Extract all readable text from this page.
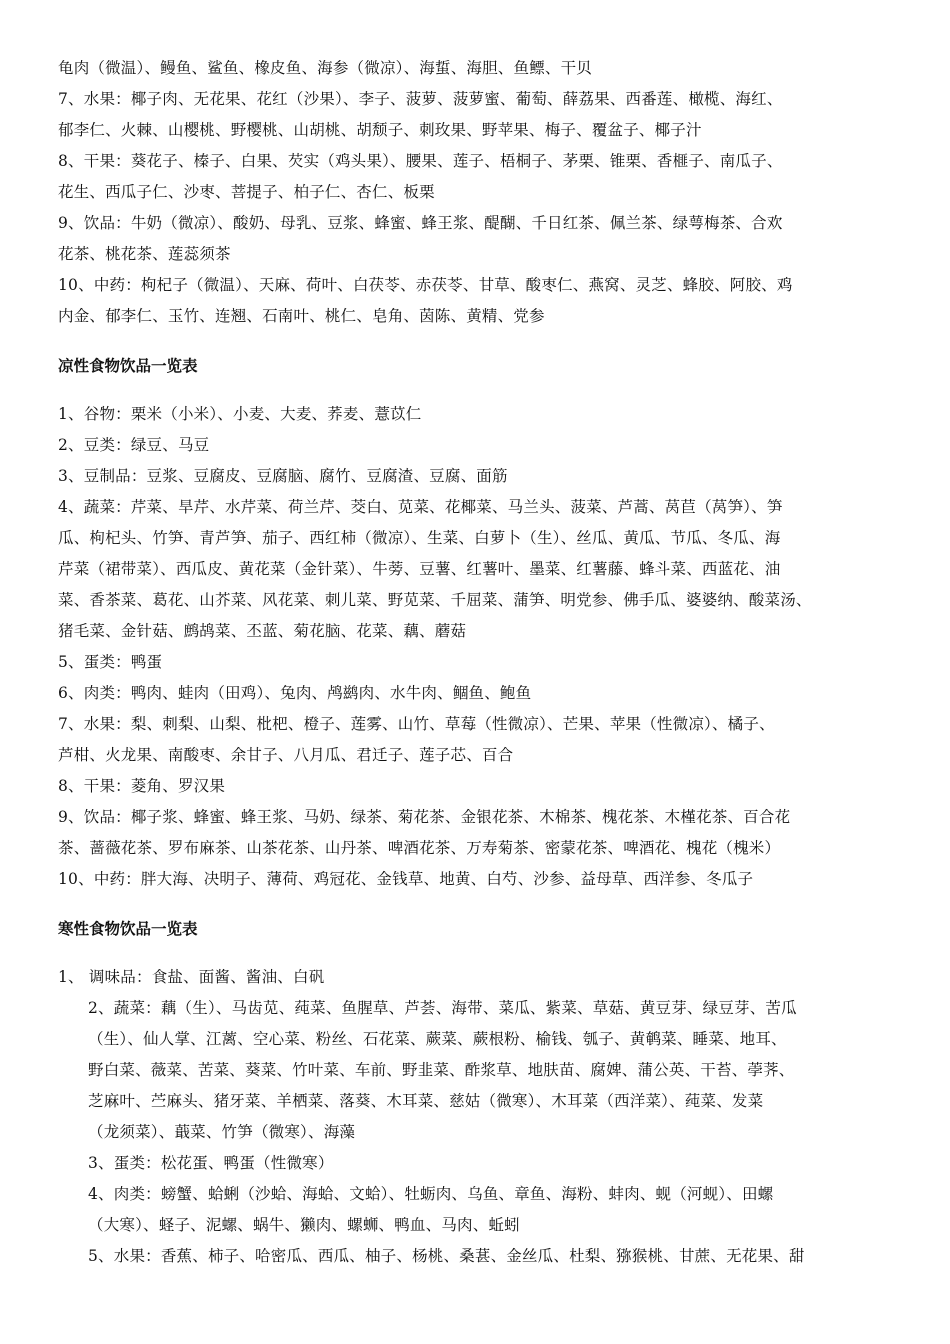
龟肉（微温）、鳗鱼、鲨鱼、橡皮鱼、海参（微凉）、海蜇、海胆、鱼鳔、干贝
7、水果：椰子肉、无花果、花红（沙果）、李子、菠萝、菠萝蜜、葡萄、薛荔果、西番莲、橄榄、海红、
郁李仁、火棘、山樱桃、野樱桃、山胡桃、胡颓子、刺玫果、野苹果、梅子、覆盆子、椰子汁
8、干果：葵花子、榛子、白果、芡实（鸡头果）、腰果、莲子、梧桐子、茅栗、锥栗、香榧子、南瓜子、
花生、西瓜子仁、沙枣、菩提子、柏子仁、杏仁、板栗
9、饮品：牛奶（微凉）、酸奶、母乳、豆浆、蜂蜜、蜂王浆、醍醐、千日红茶、佩兰茶、绿萼梅茶、合欢
花茶、桃花茶、莲蕊须茶
10、中药：枸杞子（微温）、天麻、荷叶、白茯苓、赤茯苓、甘草、酸枣仁、燕窝、灵芝、蜂胶、阿胶、鸡
内金、郁李仁、玉竹、连翘、石南叶、桃仁、皂角、茵陈、黄精、党参
凉性食物饮品一览表
1、谷物：栗米（小米）、小麦、大麦、荞麦、薏苡仁
2、豆类：绿豆、马豆
3、豆制品：豆浆、豆腐皮、豆腐脑、腐竹、豆腐渣、豆腐、面筋
4、蔬菜：芹菜、旱芹、水芹菜、荷兰芹、茭白、苋菜、花椰菜、马兰头、菠菜、芦蒿、莴苣（莴笋）、笋
瓜、枸杞头、竹笋、青芦笋、茄子、西红柿（微凉）、生菜、白萝卜（生）、丝瓜、黄瓜、节瓜、冬瓜、海
芹菜（裙带菜）、西瓜皮、黄花菜（金针菜）、牛蒡、豆薯、红薯叶、墨菜、红薯藤、蜂斗菜、西蓝花、油
菜、香茶菜、葛花、山芥菜、风花菜、刺儿菜、野苋菜、千屈菜、蒲笋、明党参、佛手瓜、婆婆纳、酸菜汤、
猪毛菜、金针菇、鹧鸪菜、丕蓝、菊花脑、花菜、藕、蘑菇
5、蛋类：鸭蛋
6、肉类：鸭肉、蛙肉（田鸡）、兔肉、鸬鹚肉、水牛肉、鲴鱼、鲍鱼
7、水果：梨、刺梨、山梨、枇杷、橙子、莲雾、山竹、草莓（性微凉）、芒果、苹果（性微凉）、橘子、
芦柑、火龙果、南酸枣、余甘子、八月瓜、君迁子、莲子芯、百合
8、干果：菱角、罗汉果
9、饮品：椰子浆、蜂蜜、蜂王浆、马奶、绿茶、菊花茶、金银花茶、木棉茶、槐花茶、木槿花茶、百合花
茶、蔷薇花茶、罗布麻茶、山茶花茶、山丹茶、啤酒花茶、万寿菊茶、密蒙花茶、啤酒花、槐花（槐米）
10、中药：胖大海、决明子、薄荷、鸡冠花、金钱草、地黄、白芍、沙参、益母草、西洋参、冬瓜子
寒性食物饮品一览表
1、 调味品：食盐、面酱、酱油、白矾
2、蔬菜：藕（生）、马齿苋、莼菜、鱼腥草、芦荟、海带、菜瓜、紫菜、草菇、黄豆芽、绿豆芽、苦瓜
（生）、仙人掌、江蓠、空心菜、粉丝、石花菜、蕨菜、蕨根粉、榆钱、瓠子、黄鹌菜、睡菜、地耳、
野白菜、薇菜、苦菜、葵菜、竹叶菜、车前、野韭菜、酢浆草、地肤苗、腐婢、蒲公英、干苔、荸荠、
芝麻叶、苎麻头、猪牙菜、羊栖菜、落葵、木耳菜、慈姑（微寒）、木耳菜（西洋菜）、莼菜、发菜
（龙须菜）、蕺菜、竹笋（微寒）、海藻
3、蛋类：松花蛋、鸭蛋（性微寒）
4、肉类：螃蟹、蛤蜊（沙蛤、海蛤、文蛤）、牡蛎肉、乌鱼、章鱼、海粉、蚌肉、蚬（河蚬）、田螺
（大寒）、蛏子、泥螺、蜗牛、獭肉、螺蛳、鸭血、马肉、蚯蚓
5、水果：香蕉、柿子、哈密瓜、西瓜、柚子、杨桃、桑葚、金丝瓜、杜梨、猕猴桃、甘蔗、无花果、甜
